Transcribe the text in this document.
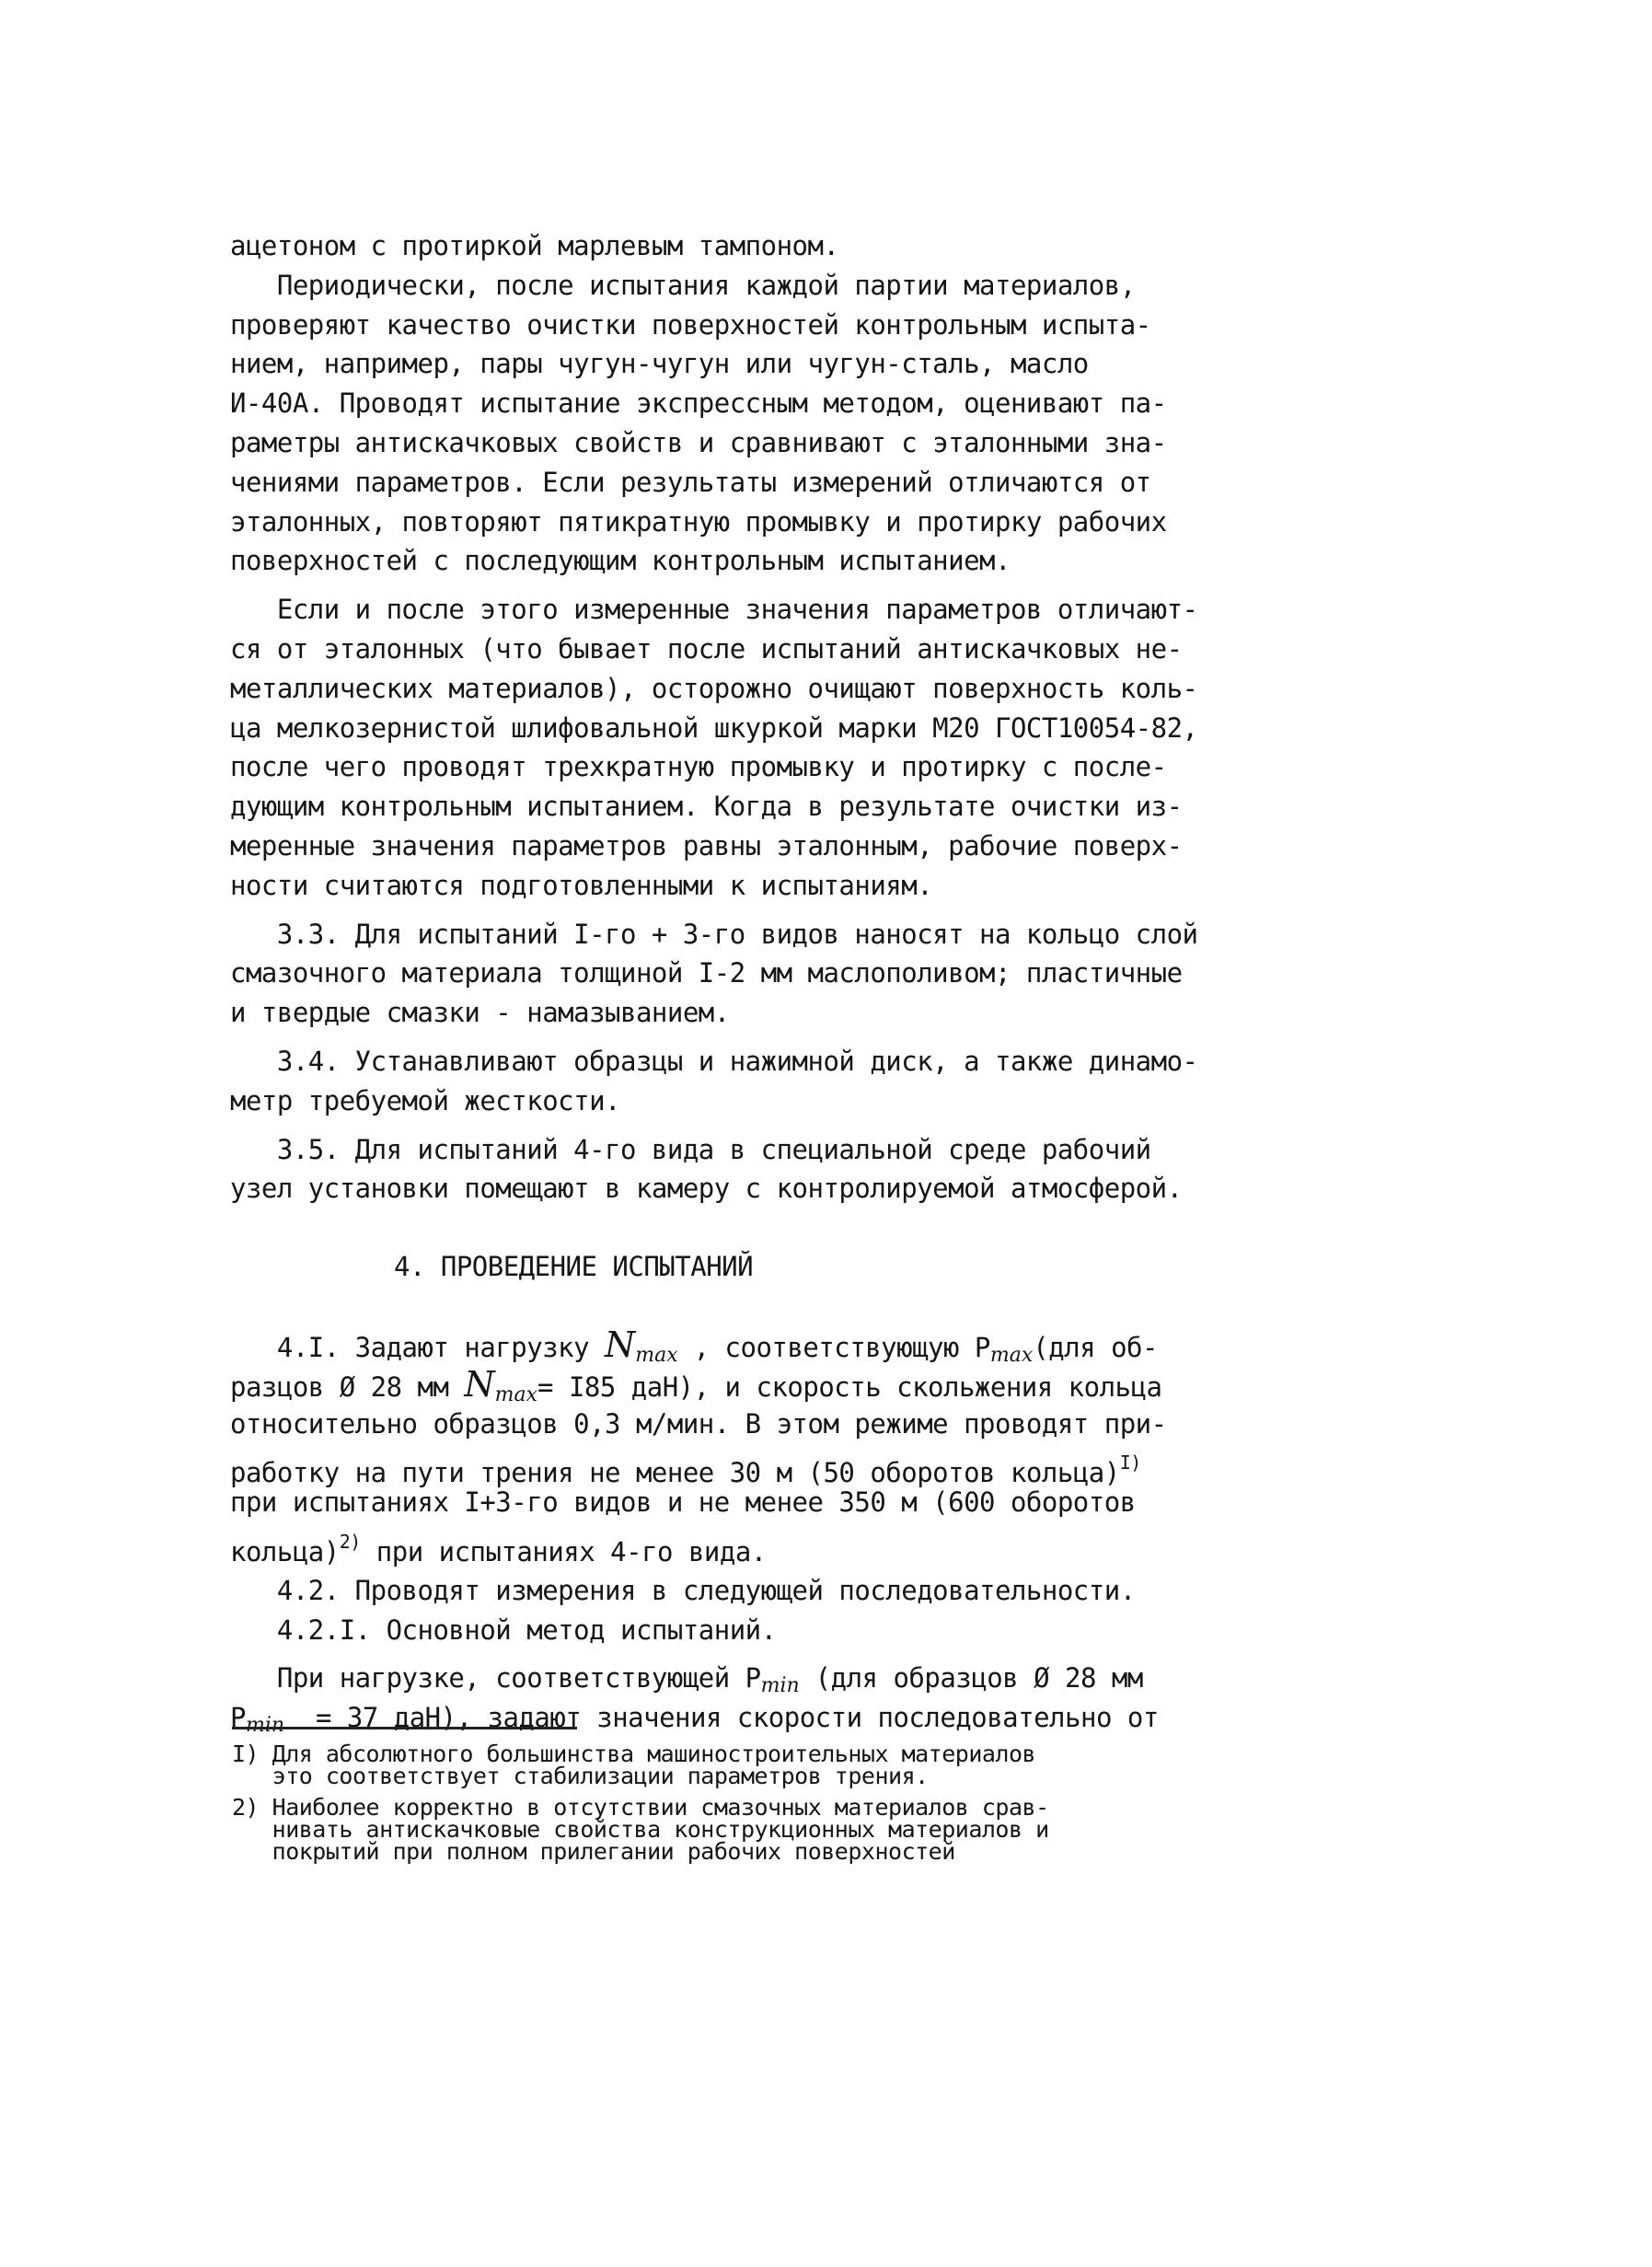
ацетоном с протиркой марлевым тампоном.
Периодически, после испытания каждой партии материалов,
проверяют качество очистки поверхностей контрольным испыта-
нием, например, пары чугун-чугун или чугун-сталь, масло
И-40А. Проводят испытание экспрессным методом, оценивают па-
раметры антискачковых свойств и сравнивают с эталонными зна-
чениями параметров. Если результаты измерений отличаются от
эталонных, повторяют пятикратную промывку и протирку рабочих
поверхностей с последующим контрольным испытанием.
Если и после этого измеренные значения параметров отличают-
ся от эталонных (что бывает после испытаний антискачковых не-
металлических материалов), осторожно очищают поверхность коль-
ца мелкозернистой шлифовальной шкуркой марки М20 ГОСТ10054-82,
после чего проводят трехкратную промывку и протирку с после-
дующим контрольным испытанием. Когда в результате очистки из-
меренные значения параметров равны эталонным, рабочие поверх-
ности считаются подготовленными к испытаниям.
3.3. Для испытаний I-го + 3-го видов наносят на кольцо слой
смазочного материала толщиной I-2 мм маслополивом; пластичные
и твердые смазки - намазыванием.
3.4. Устанавливают образцы и нажимной диск, а также динамо-
метр требуемой жесткости.
3.5. Для испытаний 4-го вида в специальной среде рабочий
узел установки помещают в камеру с контролируемой атмосферой.
4. ПРОВЕДЕНИЕ ИСПЫТАНИЙ
4.I. Задают нагрузку $N_{max}$ , соответствующую $P_{max}(для$ об-
разцов Ø 28 мм $N_{max}= I85$ даН), и скорость скольжения кольца
относительно образцов 0,3 м/мин. В этом режиме проводят при-
работку на пути трения не менее 30 м (50 оборотов кольца)$^{I)}$
при испытаниях I+3-го видов и не менее 350 м (600 оборотов
кольца)$^{2)}$ при испытаниях 4-го вида.
4.2. Проводят измерения в следующей последовательности.
4.2.I. Основной метод испытаний.
При нагрузке, соответствующей $P_{min}$ (для образцов Ø 28 мм
$P_{min} = 37$ даН), задают значения скорости последовательно от
I) Для абсолютного большинства машиностроительных материалов
это соответствует стабилизации параметров трения.
2) Наиболее корректно в отсутствии смазочных материалов срав-
нивать антискачковые свойства конструкционных материалов и
покрытий при полном прилегании рабочих поверхностей
